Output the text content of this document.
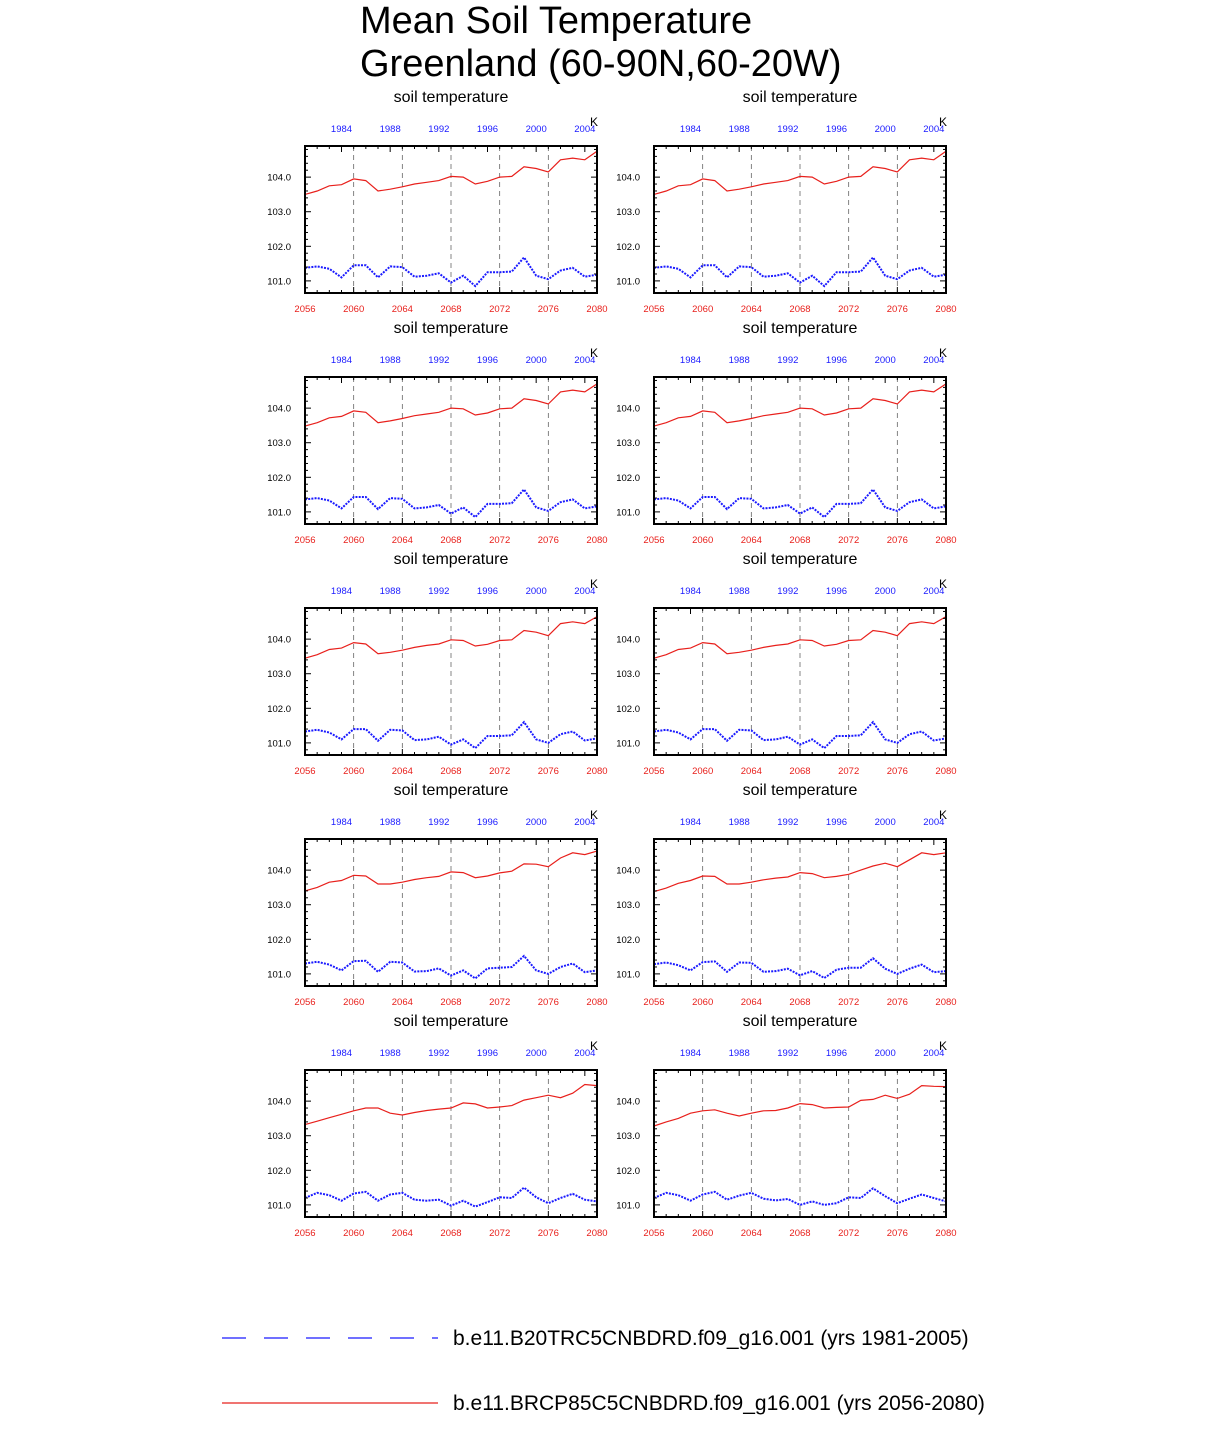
Mean Soil Temperature
Greenland (60-90N,60-20W)
soil temperature
K
2056	2060	2064	2068	2072	2076	2080
1984	1988	1992	1996	2000	2004
101.0
102.0
103.0
104.0
soil temperature
K
2056	2060	2064	2068	2072	2076	2080
1984	1988	1992	1996	2000	2004
101.0
102.0
103.0
104.0
soil temperature
K
2056	2060	2064	2068	2072	2076	2080
1984	1988	1992	1996	2000	2004
101.0
102.0
103.0
104.0
soil temperature
K
2056	2060	2064	2068	2072	2076	2080
1984	1988	1992	1996	2000	2004
101.0
102.0
103.0
104.0
soil temperature
K
2056	2060	2064	2068	2072	2076	2080
1984	1988	1992	1996	2000	2004
101.0
102.0
103.0
104.0
soil temperature
K
2056	2060	2064	2068	2072	2076	2080
1984	1988	1992	1996	2000	2004
101.0
102.0
103.0
104.0
soil temperature
K
2056	2060	2064	2068	2072	2076	2080
1984	1988	1992	1996	2000	2004
101.0
102.0
103.0
104.0
soil temperature
K
2056	2060	2064	2068	2072	2076	2080
1984	1988	1992	1996	2000	2004
101.0
102.0
103.0
104.0
soil temperature
K
2056	2060	2064	2068	2072	2076	2080
1984	1988	1992	1996	2000	2004
101.0
102.0
103.0
104.0
soil temperature
K
2056	2060	2064	2068	2072	2076	2080
1984	1988	1992	1996	2000	2004
101.0
102.0
103.0
104.0
b.e11.B20TRC5CNBDRD.f09_g16.001 (yrs 1981-2005)
b.e11.BRCP85C5CNBDRD.f09_g16.001 (yrs 2056-2080)
